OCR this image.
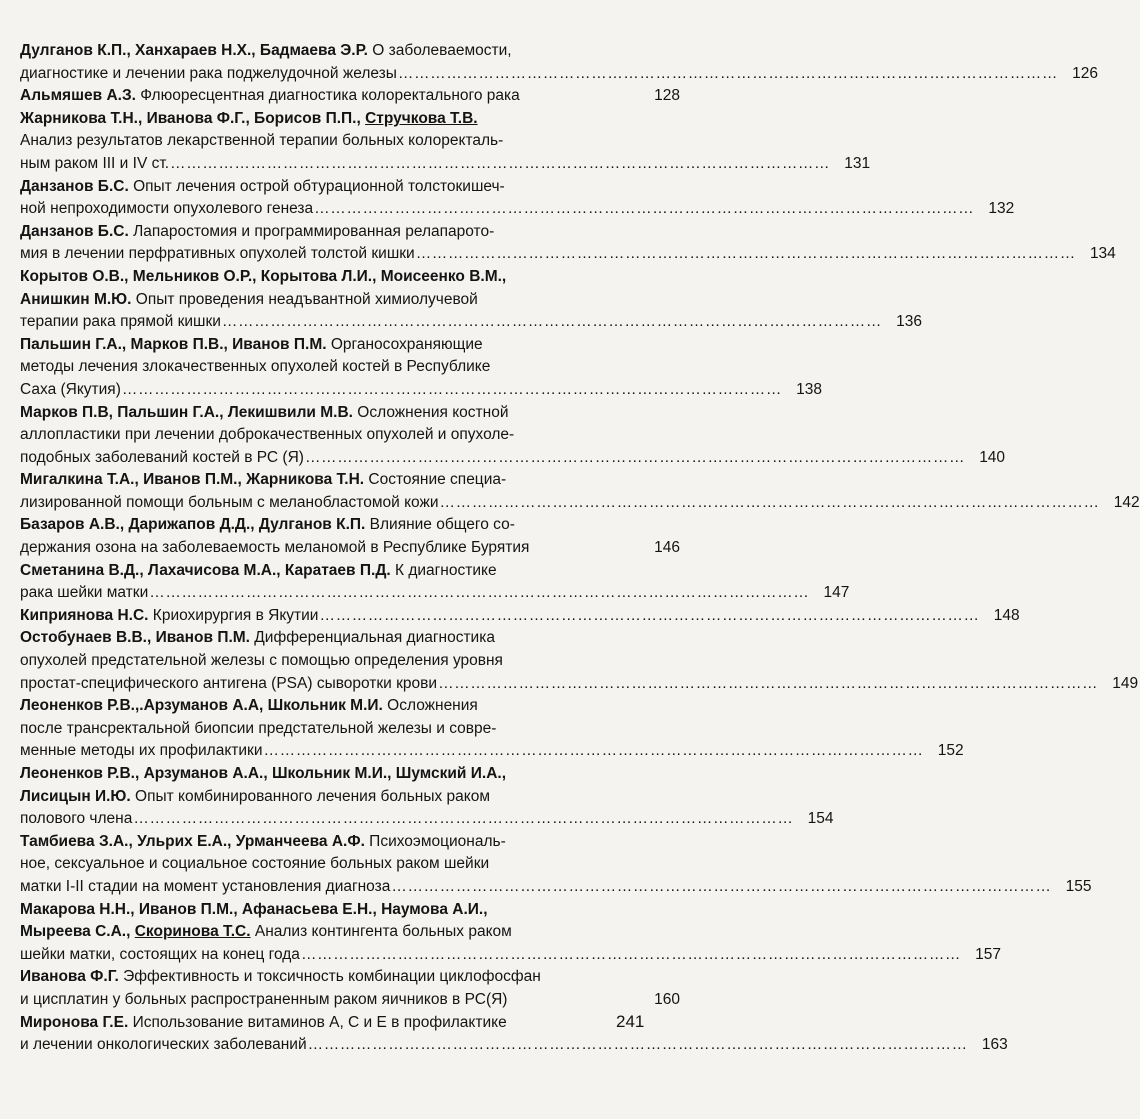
Дулганов К.П., Ханхараев Н.Х., Бадмаева Э.Р. О заболеваемости,
диагностике и лечении рака поджелудочной железы …………………………………………………………………………………………………………… 126
Альмяшев А.З. Флюоресцентная диагностика колоректального рака	128
Жарникова Т.Н., Иванова Ф.Г., Борисов П.П., Стручкова Т.В.
Анализ результатов лекарственной терапии больных колоректаль-
ным раком III и IV ст. …………………………………………………………………………………………………………… 131
Данзанов Б.С. Опыт лечения острой обтурационной толстокишеч-
ной непроходимости опухолевого генеза …………………………………………………………………………………………………………… 132
Данзанов Б.С. Лапаростомия и программированная релапарото-
мия в лечении перфративных опухолей толстой кишки …………………………………………………………………………………………………………… 134
Корытов О.В., Мельников О.Р., Корытова Л.И., Моисеенко В.М.,
Анишкин М.Ю. Опыт проведения неадъвантной химиолучевой
терапии рака прямой кишки …………………………………………………………………………………………………………… 136
Пальшин Г.А., Марков П.В., Иванов П.М. Органосохраняющие
методы лечения злокачественных опухолей костей в Республике
Саха (Якутия) …………………………………………………………………………………………………………… 138
Марков П.В, Пальшин Г.А., Лекишвили М.В. Осложнения костной
аллопластики при лечении доброкачественных опухолей и опухоле-
подобных заболеваний костей в РС (Я) …………………………………………………………………………………………………………… 140
Мигалкина Т.А., Иванов П.М., Жарникова Т.Н. Состояние специа-
лизированной помощи больным с меланобластомой кожи …………………………………………………………………………………………………………… 142
Базаров А.В., Дарижапов Д.Д., Дулганов К.П. Влияние общего со-
держания озона на заболеваемость меланомой в Республике Бурятия	146
Сметанина В.Д., Лахачисова М.А., Каратаев П.Д. К диагностике
рака шейки матки …………………………………………………………………………………………………………… 147
Киприянова Н.С. Криохирургия в Якутии …………………………………………………………………………………………………………… 148
Остобунаев В.В., Иванов П.М. Дифференциальная диагностика
опухолей предстательной железы с помощью определения уровня
простат-специфического антигена (PSA) сыворотки крови …………………………………………………………………………………………………………… 149
Леоненков Р.В.,.Арзуманов А.А, Школьник М.И. Осложнения
после трансректальной биопсии предстательной железы и совре-
менные методы их профилактики …………………………………………………………………………………………………………… 152
Леоненков Р.В., Арзуманов А.А., Школьник М.И., Шумский И.А.,
Лисицын И.Ю. Опыт комбинированного лечения больных раком
полового члена …………………………………………………………………………………………………………… 154
Тамбиева З.А., Ульрих Е.А., Урманчеева А.Ф. Психоэмоциональ-
ное, сексуальное и социальное состояние больных раком шейки
матки I-II стадии на момент установления диагноза …………………………………………………………………………………………………………… 155
Макарова Н.Н., Иванов П.М., Афанасьева Е.Н., Наумова А.И.,
Мыреева С.А., Скоринова Т.С. Анализ контингента больных раком
шейки матки, состоящих на конец года …………………………………………………………………………………………………………… 157
Иванова Ф.Г. Эффективность и токсичность комбинации циклофосфан
и цисплатин у больных распространенным раком яичников в РС(Я)	160
Миронова Г.Е. Использование витаминов А, С и Е в профилактике
и лечении онкологических заболеваний …………………………………………………………………………………………………………… 163
241
